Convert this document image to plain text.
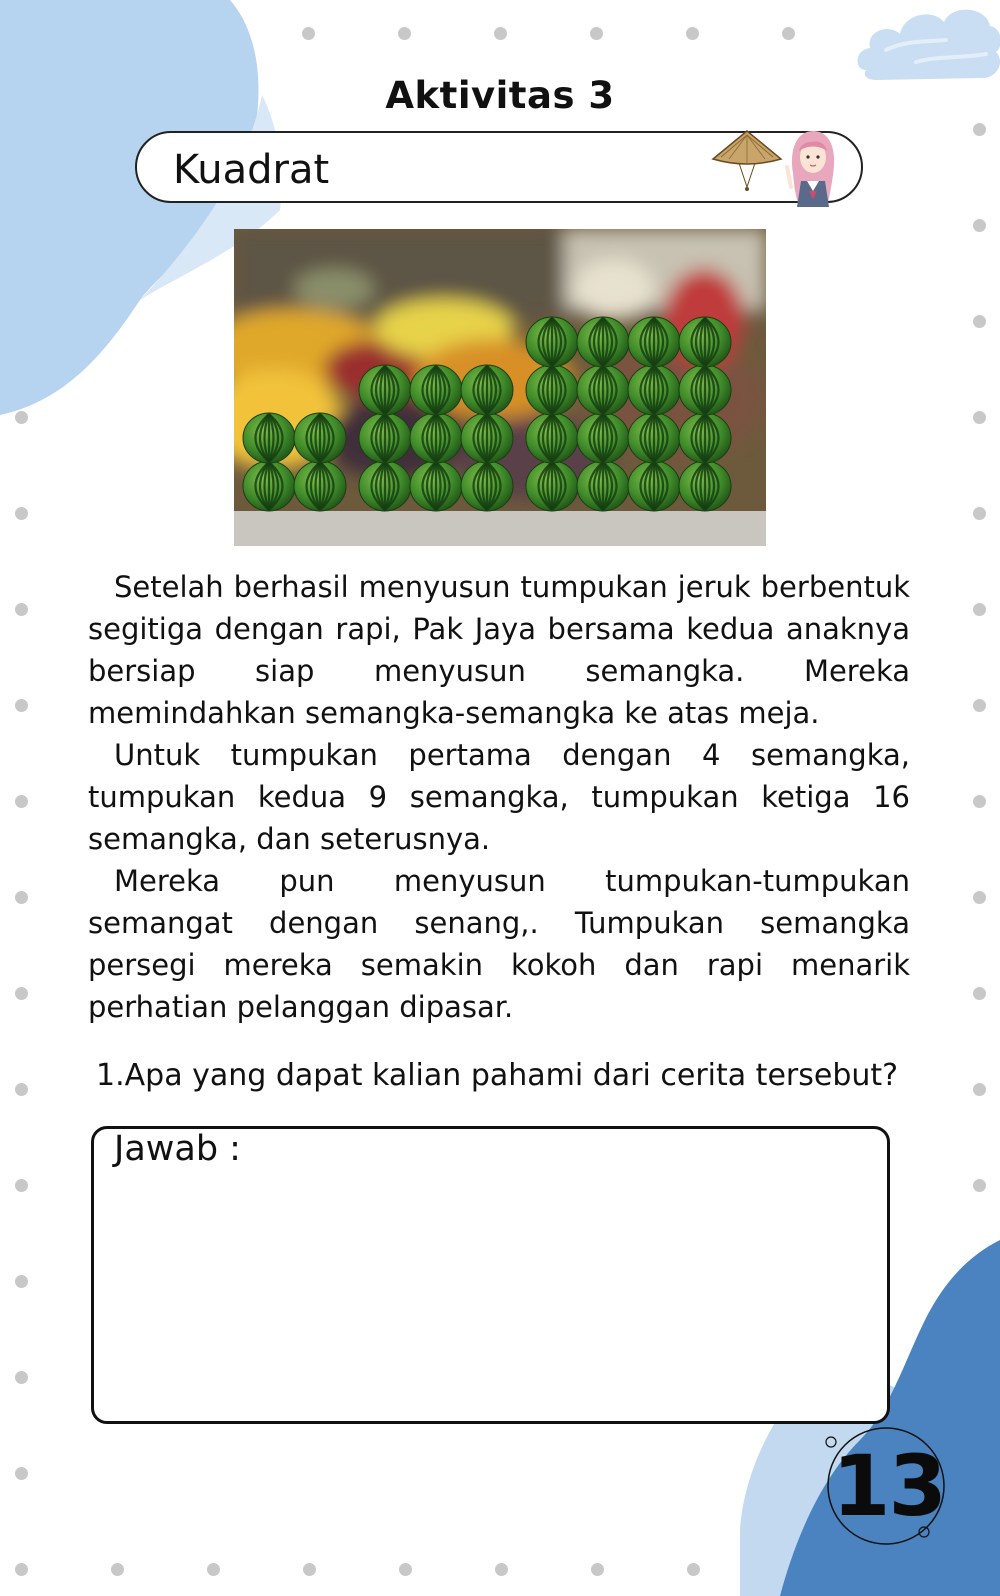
Aktivitas 3
Kuadrat

Setelah berhasil menyusun tumpukan jeruk berbentuk segitiga dengan rapi, Pak Jaya bersama kedua anaknya bersiap siap menyusun semangka. Mereka memindahkan semangka-semangka ke atas meja.

Untuk tumpukan pertama dengan 4 semangka, tumpukan kedua 9 semangka, tumpukan ketiga 16 semangka, dan seterusnya.

Mereka pun menyusun tumpukan-tumpukan semangat dengan senang,. Tumpukan semangka persegi mereka semakin kokoh dan rapi menarik perhatian pelanggan dipasar.

1.Apa yang dapat kalian pahami dari cerita tersebut?
Jawab :
13
